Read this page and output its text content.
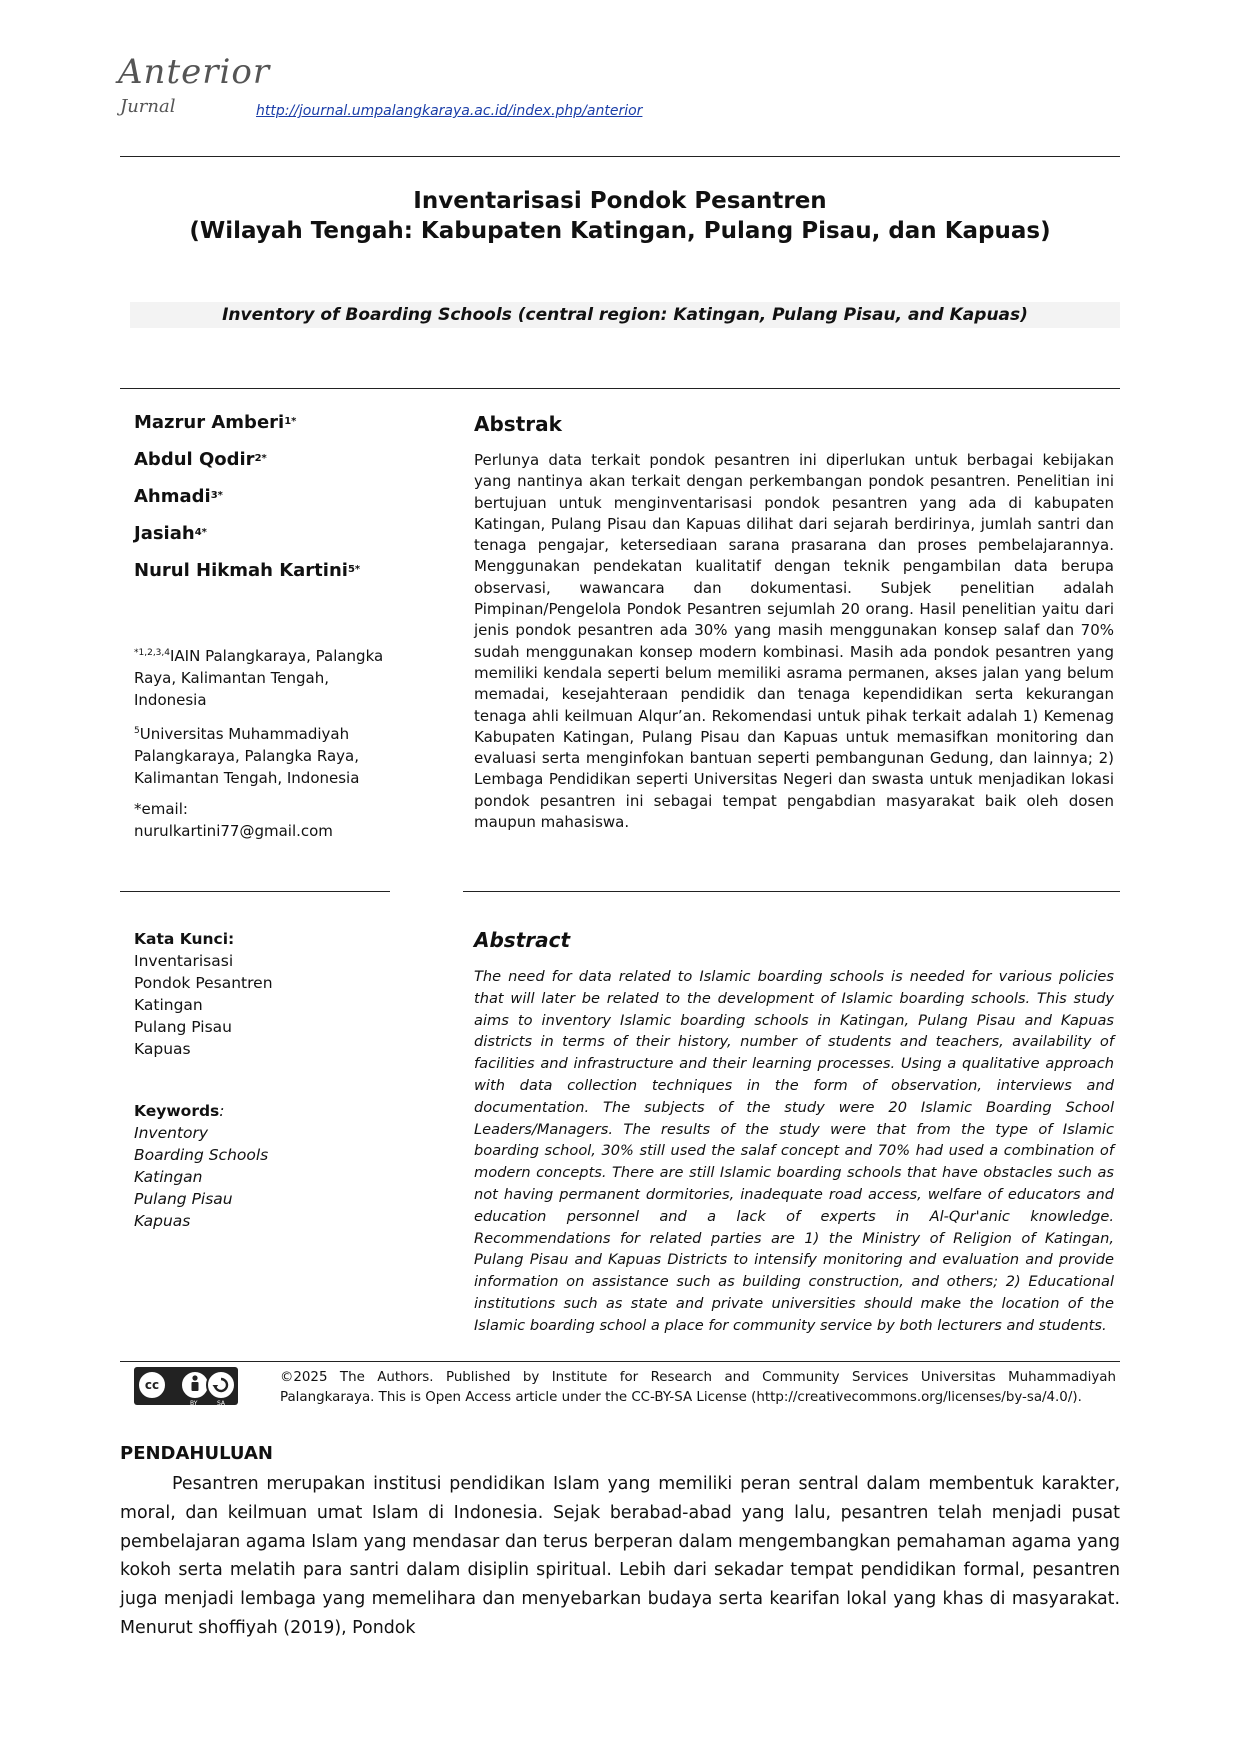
Anterior
Jurnal	http://journal.umpalangkaraya.ac.id/index.php/anterior
Inventarisasi Pondok Pesantren
(Wilayah Tengah: Kabupaten Katingan, Pulang Pisau, dan Kapuas)
Inventory of Boarding Schools (central region: Katingan, Pulang Pisau, and Kapuas)
Mazrur Amberi$^{1*}$
Abdul Qodir$^{2*}$
Ahmadi$^{3*}$
Jasiah$^{4*}$
Nurul Hikmah Kartini$^{5*}$
$^{*1,2,3,4}$IAIN Palangkaraya, Palangka Raya, Kalimantan Tengah, Indonesia
$^5$Universitas Muhammadiyah Palangkaraya, Palangka Raya, Kalimantan Tengah, Indonesia
*email:
nurulkartini77@gmail.com
Abstrak
Perlunya data terkait pondok pesantren ini diperlukan untuk berbagai kebijakan yang nantinya akan terkait dengan perkembangan pondok pesantren. Penelitian ini bertujuan untuk menginventarisasi pondok pesantren yang ada di kabupaten Katingan, Pulang Pisau dan Kapuas dilihat dari sejarah berdirinya, jumlah santri dan tenaga pengajar, ketersediaan sarana prasarana dan proses pembelajarannya. Menggunakan pendekatan kualitatif dengan teknik pengambilan data berupa observasi, wawancara dan dokumentasi. Subjek penelitian adalah Pimpinan/Pengelola Pondok Pesantren sejumlah 20 orang. Hasil penelitian yaitu dari jenis pondok pesantren ada 30% yang masih menggunakan konsep salaf dan 70% sudah menggunakan konsep modern kombinasi. Masih ada pondok pesantren yang memiliki kendala seperti belum memiliki asrama permanen, akses jalan yang belum memadai, kesejahteraan pendidik dan tenaga kependidikan serta kekurangan tenaga ahli keilmuan Alqur’an. Rekomendasi untuk pihak terkait adalah 1) Kemenag Kabupaten Katingan, Pulang Pisau dan Kapuas untuk memasifkan monitoring dan evaluasi serta menginfokan bantuan seperti pembangunan Gedung, dan lainnya; 2) Lembaga Pendidikan seperti Universitas Negeri dan swasta untuk menjadikan lokasi pondok pesantren ini sebagai tempat pengabdian masyarakat baik oleh dosen maupun mahasiswa.
Abstract
The need for data related to Islamic boarding schools is needed for various policies that will later be related to the development of Islamic boarding schools. This study aims to inventory Islamic boarding schools in Katingan, Pulang Pisau and Kapuas districts in terms of their history, number of students and teachers, availability of facilities and infrastructure and their learning processes. Using a qualitative approach with data collection techniques in the form of observation, interviews and documentation. The subjects of the study were 20 Islamic Boarding School Leaders/Managers. The results of the study were that from the type of Islamic boarding school, 30% still used the salaf concept and 70% had used a combination of modern concepts. There are still Islamic boarding schools that have obstacles such as not having permanent dormitories, inadequate road access, welfare of educators and education personnel and a lack of experts in Al-Qur'anic knowledge. Recommendations for related parties are 1) the Ministry of Religion of Katingan, Pulang Pisau and Kapuas Districts to intensify monitoring and evaluation and provide information on assistance such as building construction, and others; 2) Educational institutions such as state and private universities should make the location of the Islamic boarding school a place for community service by both lecturers and students.
Kata Kunci:
Inventarisasi
Pondok Pesantren
Katingan
Pulang Pisau
Kapuas
Keywords:
Inventory
Boarding Schools
Katingan
Pulang Pisau
Kapuas
cc
BY	SA
©2025 The Authors. Published by Institute for Research and Community Services Universitas Muhammadiyah Palangkaraya. This is Open Access article under the CC-BY-SA License (http://creativecommons.org/licenses/by-sa/4.0/).
PENDAHULUAN
Pesantren merupakan institusi pendidikan Islam yang memiliki peran sentral dalam membentuk karakter, moral, dan keilmuan umat Islam di Indonesia. Sejak berabad-abad yang lalu, pesantren telah menjadi pusat pembelajaran agama Islam yang mendasar dan terus berperan dalam mengembangkan pemahaman agama yang kokoh serta melatih para santri dalam disiplin spiritual. Lebih dari sekadar tempat pendidikan formal, pesantren juga menjadi lembaga yang memelihara dan menyebarkan budaya serta kearifan lokal yang khas di masyarakat. Menurut shoffiyah (2019), Pondok
